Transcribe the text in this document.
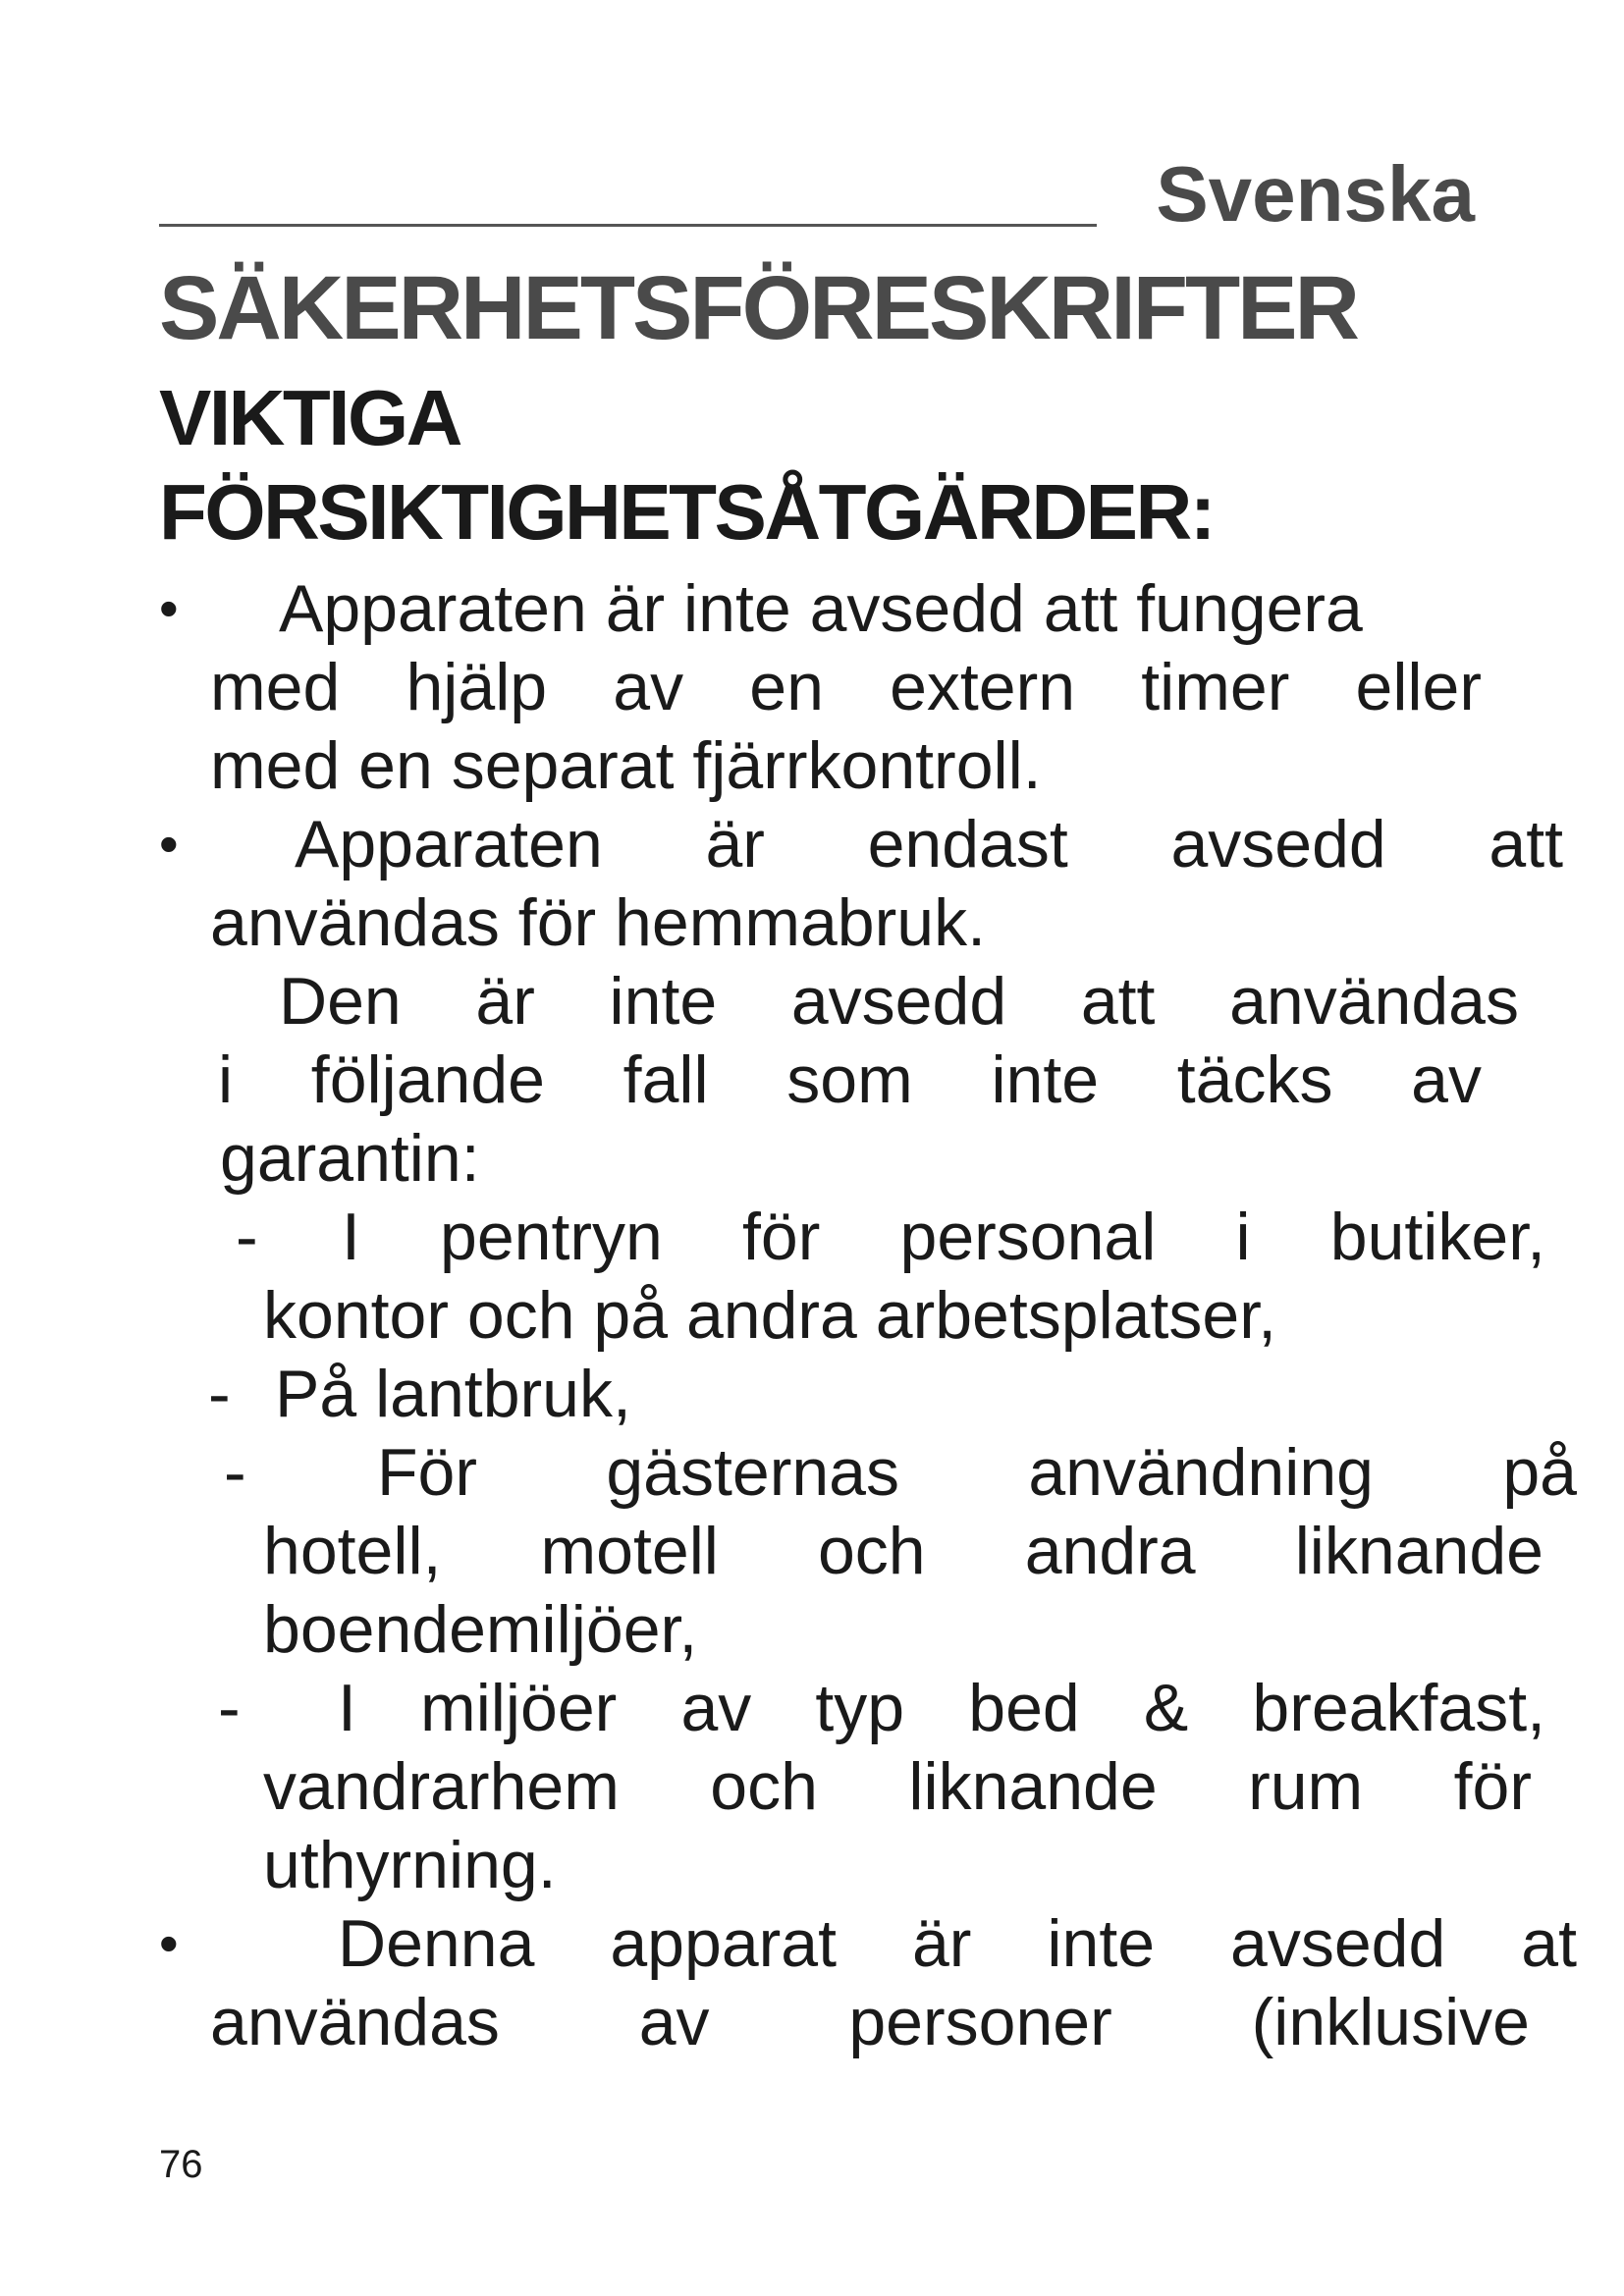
Svenska
SÄKERHETSFÖRESKRIFTER
VIKTIGA
FÖRSIKTIGHETSÅTGÄRDER:
•	Apparaten är inte avsedd att fungera
med hjälp av en extern timer eller
med en separat fjärrkontroll.
•	Apparaten är endast avsedd att
användas för hemmabruk.
Den är inte avsedd att användas
i följande fall som inte täcks av
garantin:
-	I pentryn för personal i butiker,
kontor och på andra arbetsplatser,
- På lantbruk,
-	För gästernas användning på
hotell, motell och andra liknande
boendemiljöer,
-	I miljöer av typ bed & breakfast,
vandrarhem och liknande rum för
uthyrning.
•	Denna apparat är inte avsedd at
användas av personer (inklusive
76
